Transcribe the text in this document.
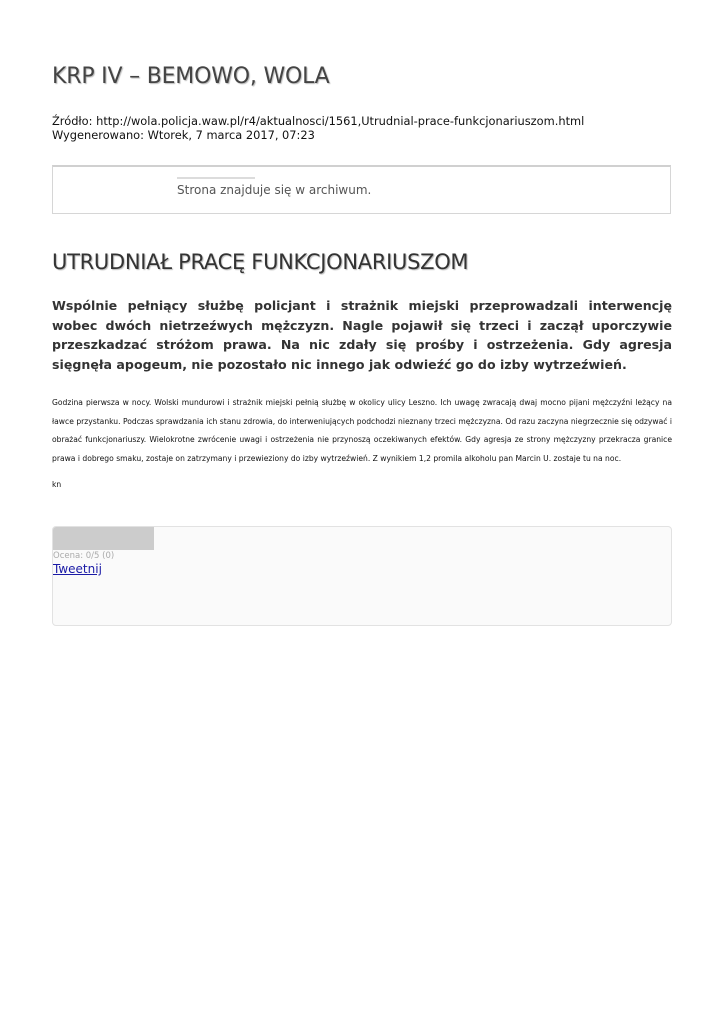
KRP IV – BEMOWO, WOLA
Źródło: http://wola.policja.waw.pl/r4/aktualnosci/1561,Utrudnial-prace-funkcjonariuszom.html
Wygenerowano: Wtorek, 7 marca 2017, 07:23
Strona znajduje się w archiwum.
UTRUDNIAŁ PRACĘ FUNKCJONARIUSZOM

Wspólnie pełniący służbę policjant i strażnik miejski przeprowadzali interwencję wobec dwóch nietrzeźwych mężczyzn. Nagle pojawił się trzeci i zaczął uporczywie przeszkadzać stróżom prawa. Na nic zdały się prośby i ostrzeżenia. Gdy agresja sięgnęła apogeum, nie pozostało nic innego jak odwieźć go do izby wytrzeźwień.

Godzina pierwsza w nocy. Wolski mundurowi i strażnik miejski pełnią służbę w okolicy ulicy Leszno. Ich uwagę zwracają dwaj mocno pijani mężczyźni leżący na ławce przystanku. Podczas sprawdzania ich stanu zdrowia, do interweniujących podchodzi nieznany trzeci mężczyzna. Od razu zaczyna niegrzecznie się odzywać i obrażać funkcjonariuszy. Wielokrotne zwrócenie uwagi i ostrzeżenia nie przynoszą oczekiwanych efektów. Gdy agresja ze strony mężczyzny przekracza granice prawa i dobrego smaku, zostaje on zatrzymany i przewieziony do izby wytrzeźwień. Z wynikiem 1,2 promila alkoholu pan Marcin U. zostaje tu na noc.

kn
Ocena: 0/5 (0)
Tweetnij
